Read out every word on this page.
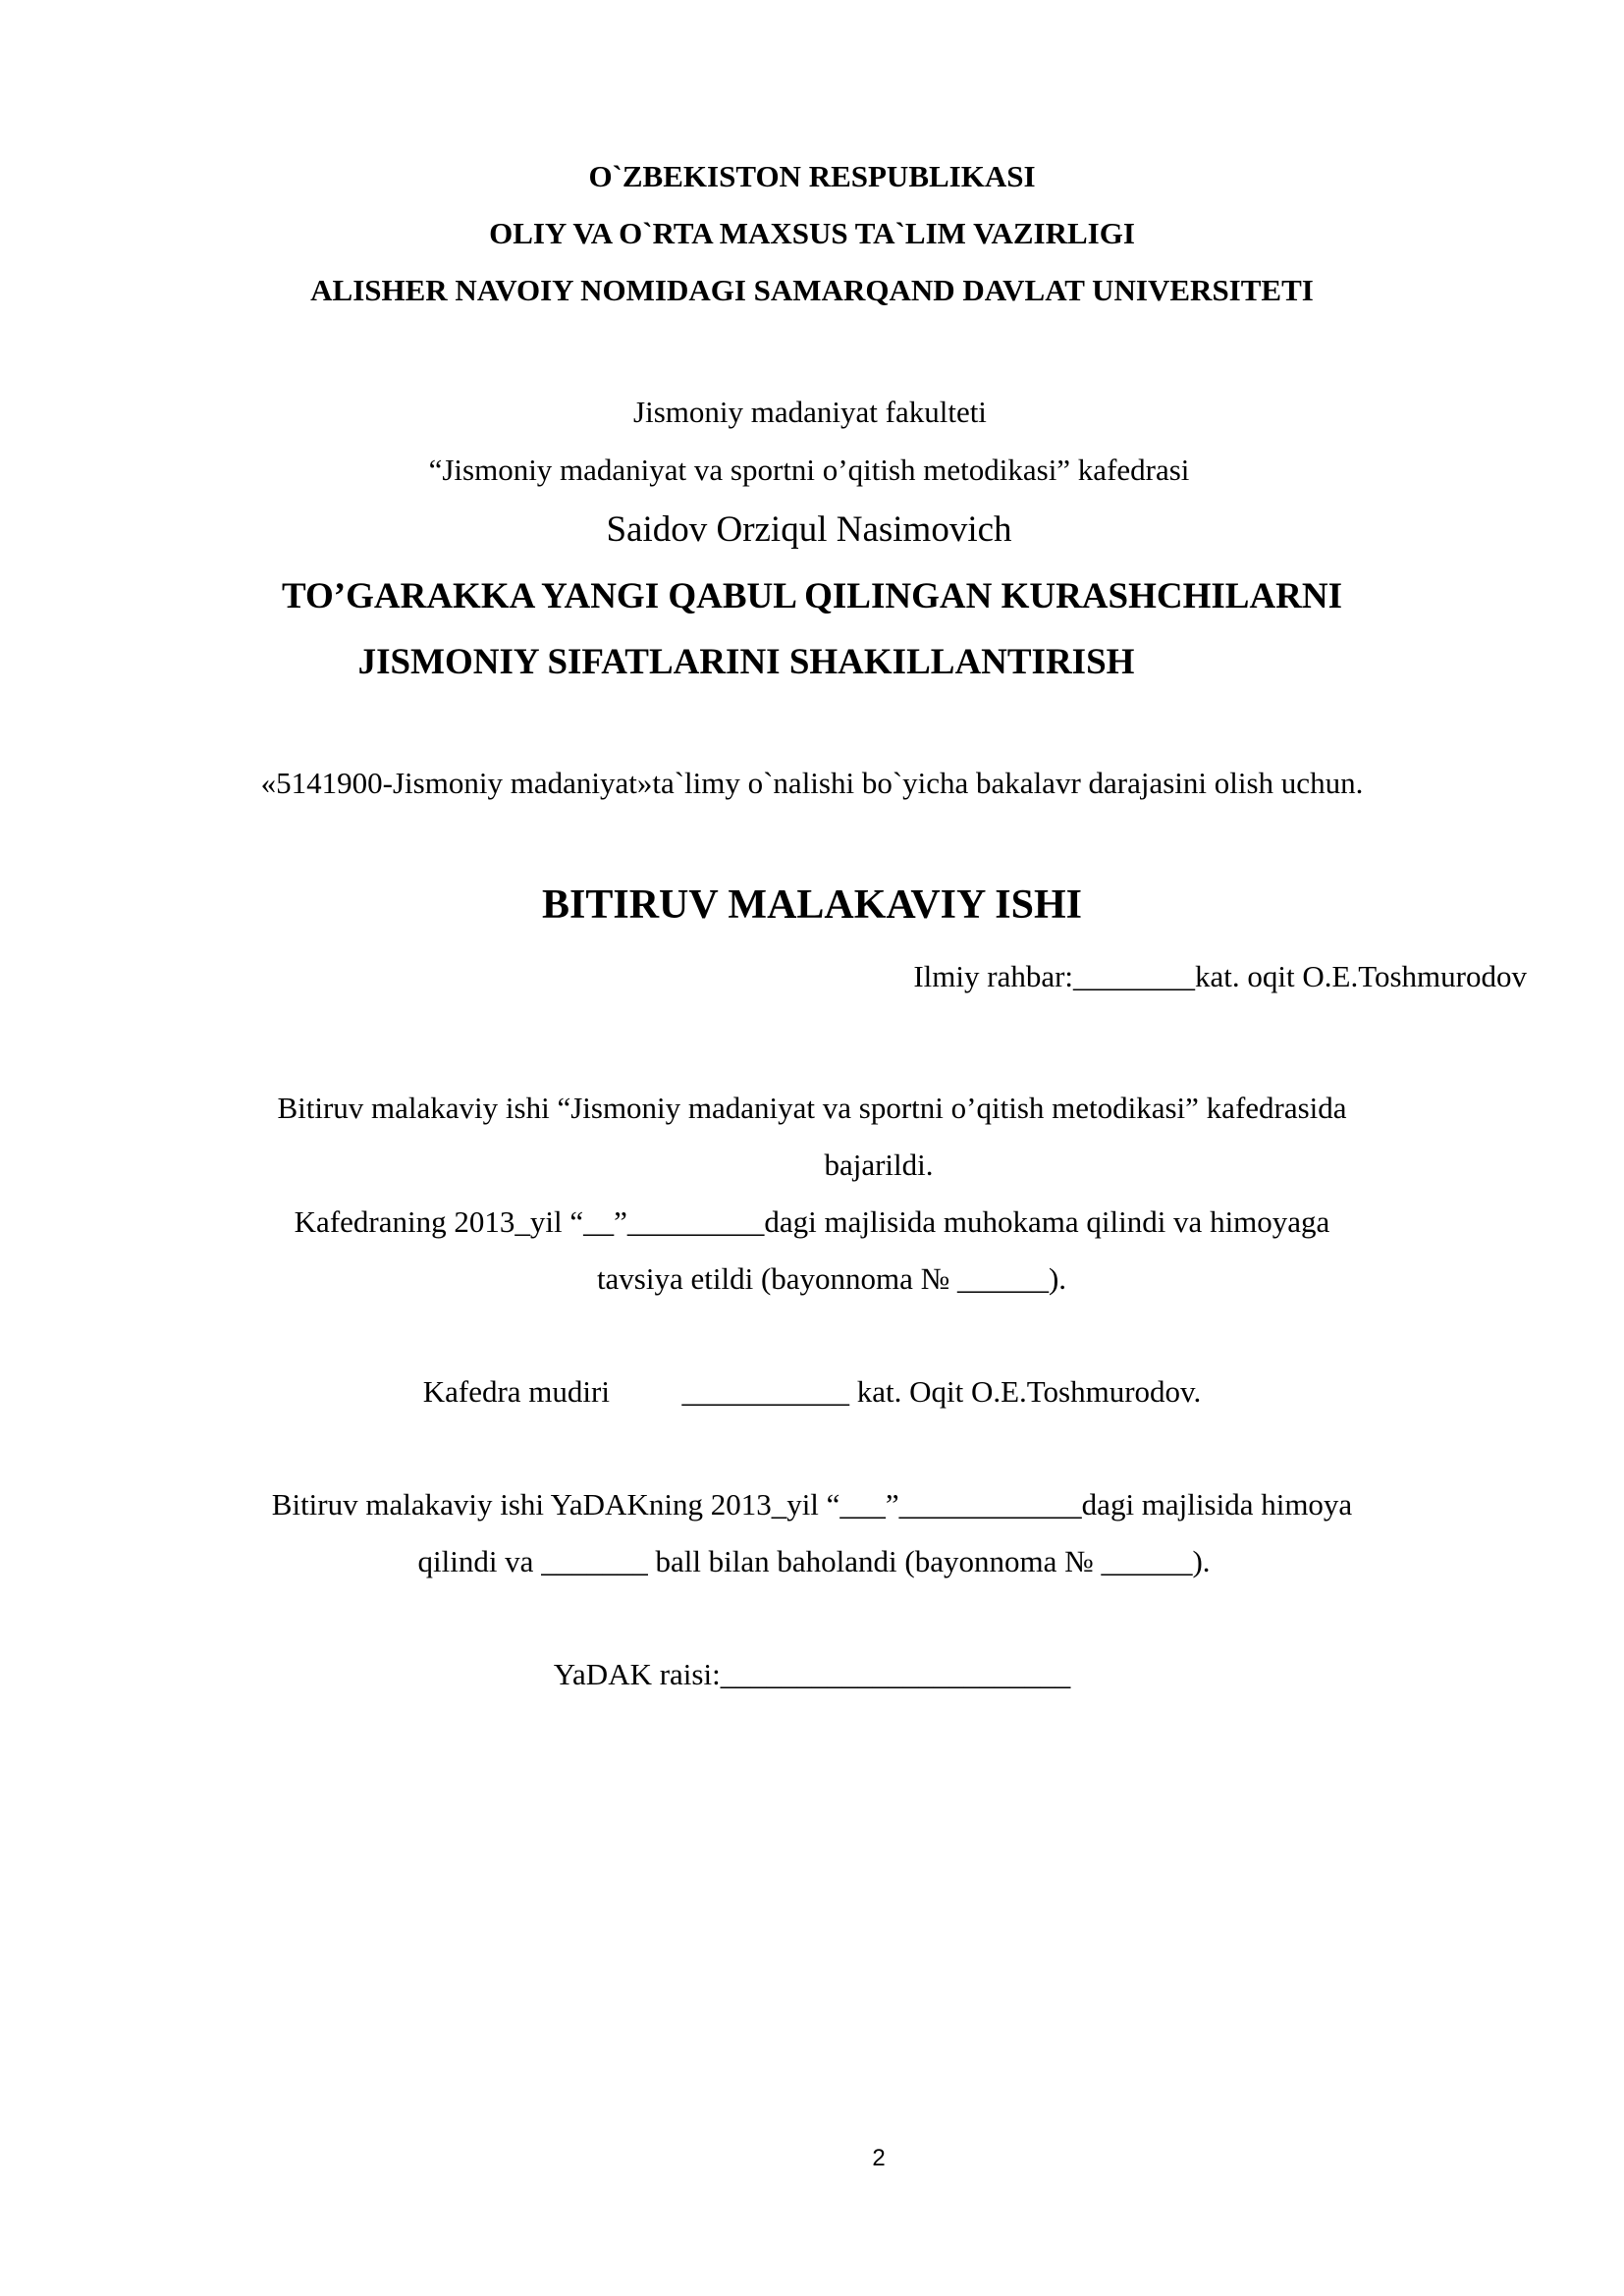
O`ZBEKISTON RESPUBLIKASI
OLIY VA O`RTA MAXSUS TA`LIM VAZIRLIGI
ALISHER NAVOIY NOMIDAGI SAMARQAND DAVLAT UNIVERSITETI
Jismoniy madaniyat fakulteti
“Jismoniy madaniyat va sportni o’qitish metodikasi” kafedrasi
Saidov Orziqul Nasimovich
TO’GARAKKA YANGI QABUL QILINGAN KURASHCHILARNI
JISMONIY SIFATLARINI SHAKILLANTIRISH
«5141900-Jismoniy madaniyat»ta`limy o`nalishi bo`yicha bakalavr darajasini olish uchun.
BITIRUV MALAKAVIY ISHI
Ilmiy rahbar:________kat. oqit O.E.Toshmurodov
Bitiruv malakaviy ishi “Jismoniy madaniyat va sportni o’qitish metodikasi” kafedrasida
bajarildi.
Kafedraning 2013_yil “__”_________dagi majlisida muhokama qilindi va himoyaga
tavsiya etildi (bayonnoma № ______).
Kafedra mudiri ___________ kat. Oqit O.E.Toshmurodov.
Bitiruv malakaviy ishi YaDAKning 2013_yil “___”____________dagi majlisida himoya
qilindi va _______ ball bilan baholandi (bayonnoma № ______).
YaDAK raisi:_______________________
2
